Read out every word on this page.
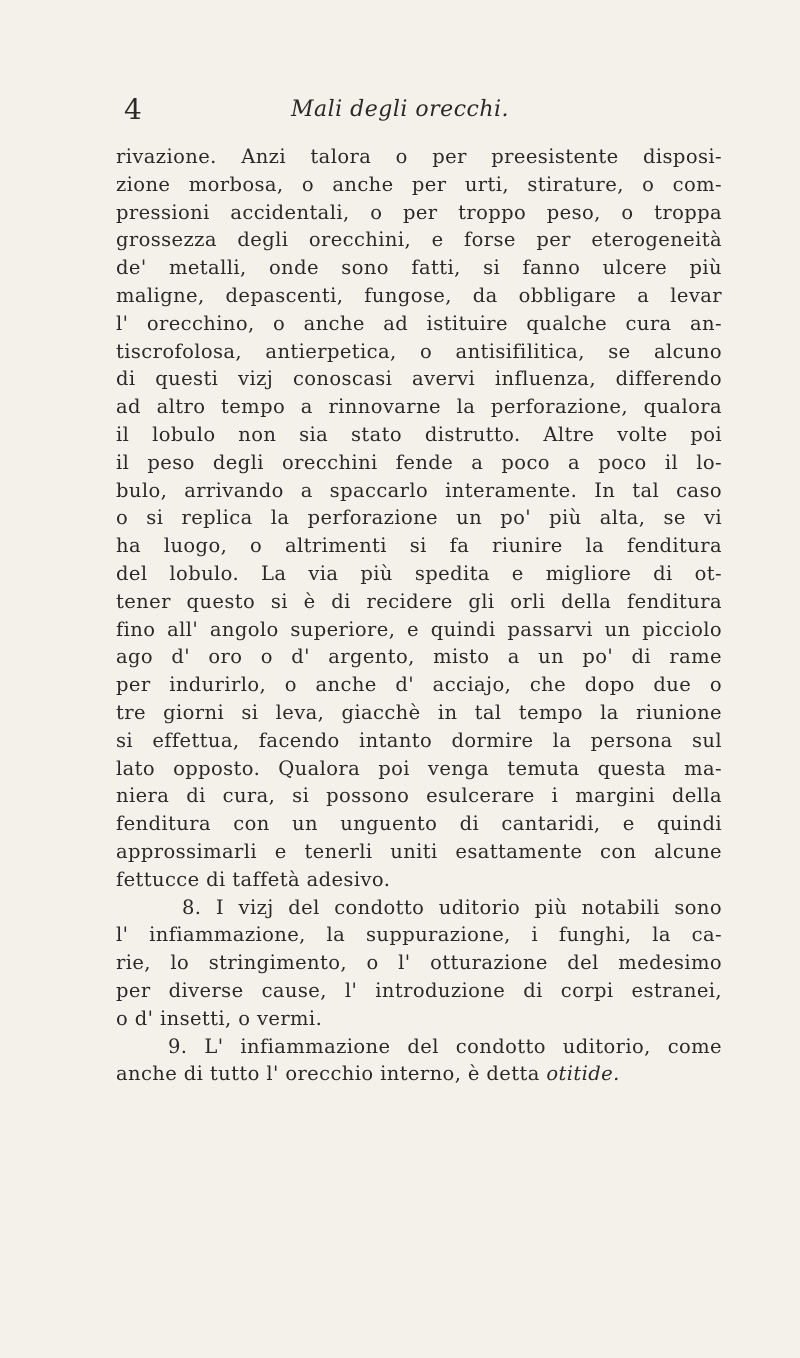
4	Mali degli orecchi.
rivazione. Anzi talora o per preesistente disposi-
zione morbosa, o anche per urti, stirature, o com-
pressioni accidentali, o per troppo peso, o troppa
grossezza degli orecchini, e forse per eterogeneità
de' metalli, onde sono fatti, si fanno ulcere più
maligne, depascenti, fungose, da obbligare a levar
l' orecchino, o anche ad istituire qualche cura an-
tiscrofolosa, antierpetica, o antisifilitica, se alcuno
di questi vizj conoscasi avervi influenza, differendo
ad altro tempo a rinnovarne la perforazione, qualora
il lobulo non sia stato distrutto. Altre volte poi
il peso degli orecchini fende a poco a poco il lo-
bulo, arrivando a spaccarlo interamente. In tal caso
o si replica la perforazione un po' più alta, se vi
ha luogo, o altrimenti si fa riunire la fenditura
del lobulo. La via più spedita e migliore di ot-
tener questo si è di recidere gli orli della fenditura
fino all' angolo superiore, e quindi passarvi un picciolo
ago d' oro o d' argento, misto a un po' di rame
per indurirlo, o anche d' acciajo, che dopo due o
tre giorni si leva, giacchè in tal tempo la riunione
si effettua, facendo intanto dormire la persona sul
lato opposto. Qualora poi venga temuta questa ma-
niera di cura, si possono esulcerare i margini della
fenditura con un unguento di cantaridi, e quindi
approssimarli e tenerli uniti esattamente con alcune
fettucce di taffetà adesivo.
8. I vizj del condotto uditorio più notabili sono
l' infiammazione, la suppurazione, i funghi, la ca-
rie, lo stringimento, o l' otturazione del medesimo
per diverse cause, l' introduzione di corpi estranei,
o d' insetti, o vermi.
9. L' infiammazione del condotto uditorio, come
anche di tutto l' orecchio interno, è detta otitide.
